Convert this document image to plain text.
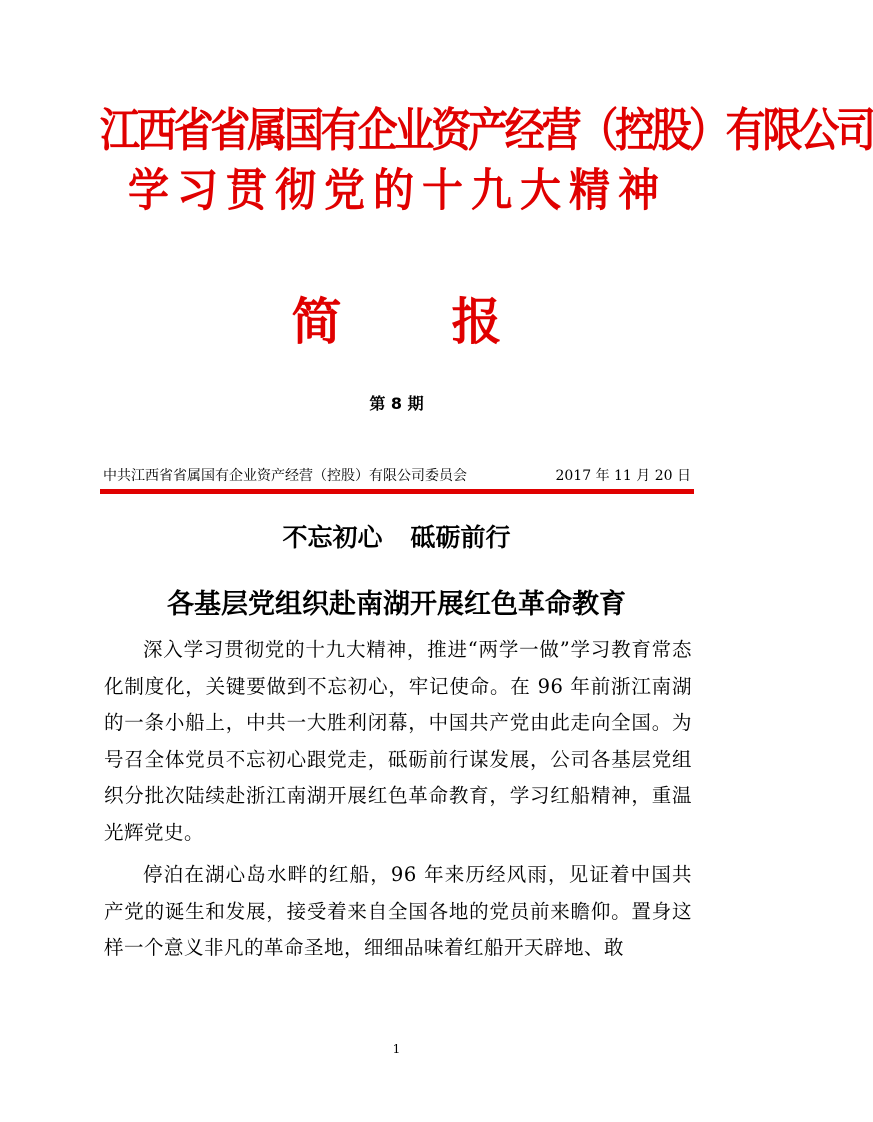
江西省省属国有企业资产经营（控股）有限公司
学习贯彻党的十九大精神
简 报
第 8 期
中共江西省省属国有企业资产经营（控股）有限公司委员会	2017 年 11 月 20 日
不忘初心 砥砺前行
各基层党组织赴南湖开展红色革命教育

深入学习贯彻党的十九大精神，推进“两学一做”学习教育常态化制度化，关键要做到不忘初心，牢记使命。在 96 年前浙江南湖的一条小船上，中共一大胜利闭幕，中国共产党由此走向全国。为号召全体党员不忘初心跟党走，砥砺前行谋发展，公司各基层党组织分批次陆续赴浙江南湖开展红色革命教育，学习红船精神，重温光辉党史。

停泊在湖心岛水畔的红船，96 年来历经风雨，见证着中国共产党的诞生和发展，接受着来自全国各地的党员前来瞻仰。置身这样一个意义非凡的革命圣地，细细品味着红船开天辟地、敢

1
